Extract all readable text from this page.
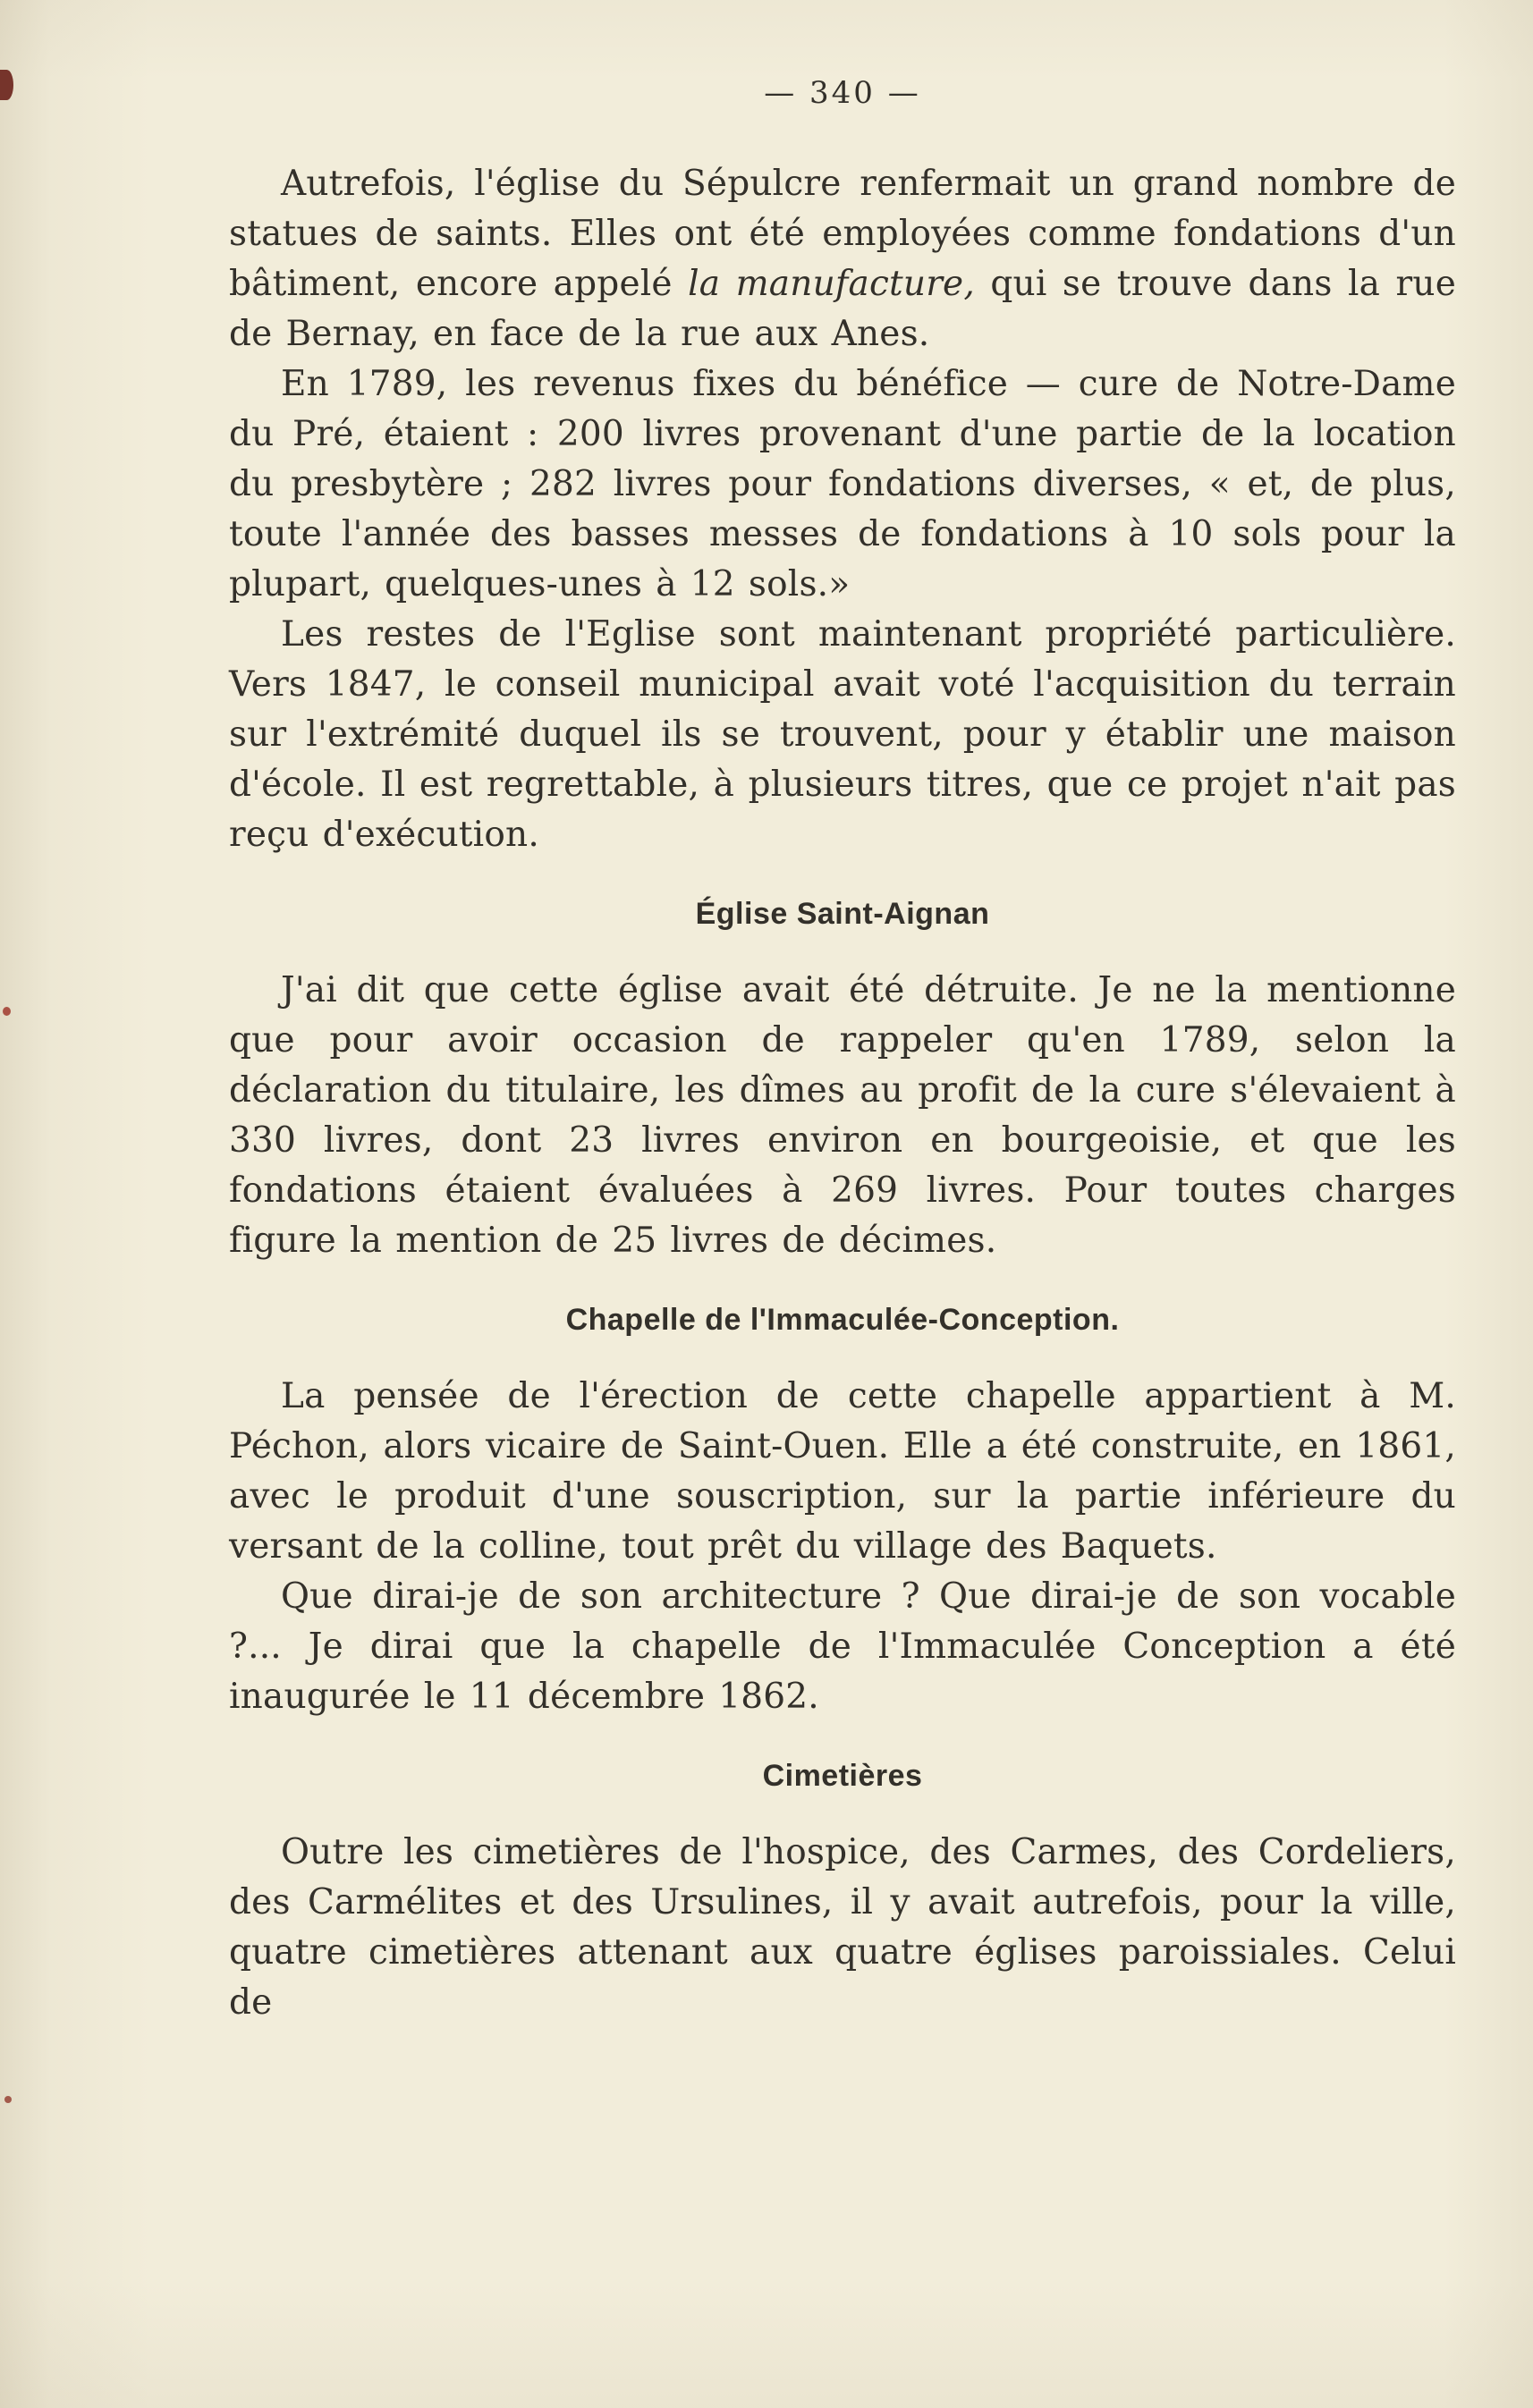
— 340 —

Autrefois, l'église du Sépulcre renfermait un grand nombre de statues de saints. Elles ont été employées comme fondations d'un bâtiment, encore appelé la manufacture, qui se trouve dans la rue de Bernay, en face de la rue aux Anes.

En 1789, les revenus fixes du bénéfice — cure de Notre-Dame du Pré, étaient : 200 livres provenant d'une partie de la location du presbytère ; 282 livres pour fondations diverses, « et, de plus, toute l'année des basses messes de fondations à 10 sols pour la plupart, quelques-unes à 12 sols.»

Les restes de l'Eglise sont maintenant propriété particulière. Vers 1847, le conseil municipal avait voté l'acquisition du terrain sur l'extrémité duquel ils se trouvent, pour y établir une maison d'école. Il est regrettable, à plusieurs titres, que ce projet n'ait pas reçu d'exécution.

Église Saint-Aignan

J'ai dit que cette église avait été détruite. Je ne la mentionne que pour avoir occasion de rappeler qu'en 1789, selon la déclaration du titulaire, les dîmes au profit de la cure s'élevaient à 330 livres, dont 23 livres environ en bourgeoisie, et que les fondations étaient évaluées à 269 livres. Pour toutes charges figure la mention de 25 livres de décimes.

Chapelle de l'Immaculée-Conception.

La pensée de l'érection de cette chapelle appartient à M. Péchon, alors vicaire de Saint-Ouen. Elle a été construite, en 1861, avec le produit d'une souscription, sur la partie inférieure du versant de la colline, tout prêt du village des Baquets.

Que dirai-je de son architecture ? Que dirai-je de son vocable ?... Je dirai que la chapelle de l'Immaculée Conception a été inaugurée le 11 décembre 1862.

Cimetières

Outre les cimetières de l'hospice, des Carmes, des Cordeliers, des Carmélites et des Ursulines, il y avait autrefois, pour la ville, quatre cimetières attenant aux quatre églises paroissiales. Celui de
